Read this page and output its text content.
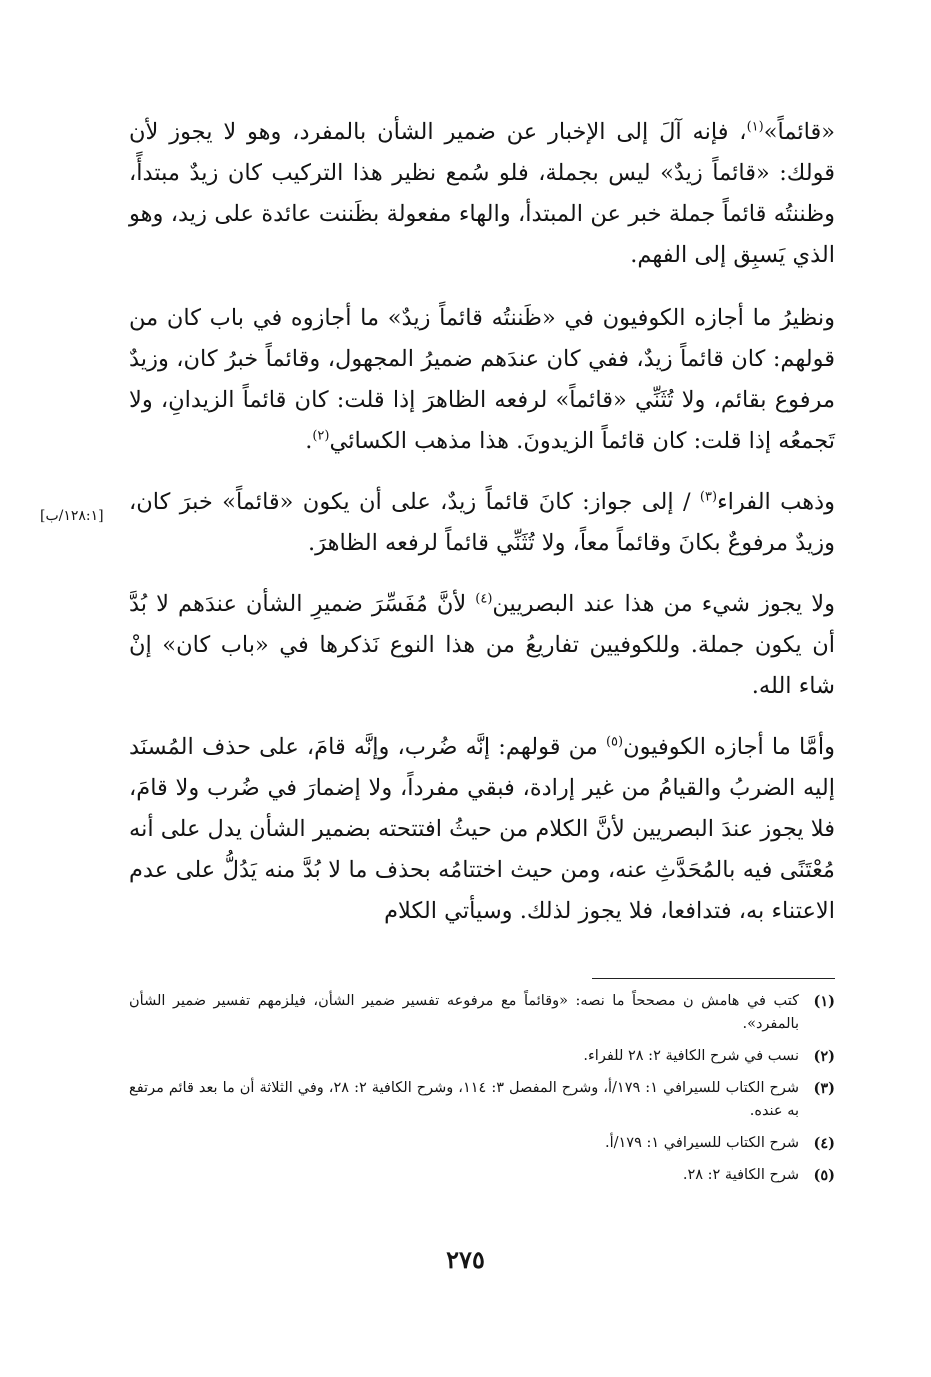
«قائماً»$^{(١)}$، فإنه آلَ إلى الإخبار عن ضمير الشأن بالمفرد، وهو لا يجوز لأن قولك: «قائماً زيدٌ» ليس بجملة، فلو سُمع نظير هذا التركيب كان زيدٌ مبتدأً، وظننتُه قائماً جملة خبر عن المبتدأ، والهاء مفعولة بظَننت عائدة على زيد، وهو الذي يَسبِق إلى الفهم.

ونظيرُ ما أجازه الكوفيون في «ظَننتُه قائماً زيدٌ» ما أجازوه في باب كان من قولهم: كان قائماً زيدٌ، ففي كان عندَهم ضميرُ المجهول، وقائماً خبرُ كان، وزيدٌ مرفوع بقائم، ولا تُثَنِّي «قائماً» لرفعه الظاهرَ إذا قلت: كان قائماً الزيدانِ، ولا تَجمعُه إذا قلت: كان قائماً الزيدونَ. هذا مذهب الكسائي$^{(٢)}$.

وذهب الفراء$^{(٣)}$ / إلى جواز: كانَ قائماً زيدٌ، على أن يكون «قائماً» خبرَ كان، وزيدٌ مرفوعٌ بكانَ وقائماً معاً، ولا تُثَنِّي قائماً لرفعه الظاهرَ.

ولا يجوز شيء من هذا عند البصريين$^{(٤)}$ لأنَّ مُفَسِّرَ ضميرِ الشأن عندَهم لا بُدَّ أن يكون جملة. وللكوفيين تفاريعُ من هذا النوع نَذكرها في «باب كان» إنْ شاء الله.

وأمَّا ما أجازه الكوفيون$^{(٥)}$ من قولهم: إنَّه ضُرب، وإنَّه قامَ، على حذف المُسنَد إليه الضربُ والقيامُ من غير إرادة، فبقي مفرداً، ولا إضمارَ في ضُرب ولا قامَ، فلا يجوز عندَ البصريين لأنَّ الكلام من حيثُ افتتحته بضمير الشأن يدل على أنه مُعْتَنًى فيه بالمُحَدَّثِ عنه، ومن حيث اختتامُه بحذف ما لا بُدَّ منه يَدُلُّ على عدم الاعتناء به، فتدافعا، فلا يجوز لذلك. وسيأتي الكلام

[١٢٨:١/ب]
(١)
كتب في هامش ن مصححاً ما نصه: «وقائماً مع مرفوعه تفسير ضمير الشأن، فيلزمهم تفسير ضمير الشأن بالمفرد».
(٢)
نسب في شرح الكافية ٢: ٢٨ للفراء.
(٣)
شرح الكتاب للسيرافي ١: ١٧٩/أ، وشرح المفصل ٣: ١١٤، وشرح الكافية ٢: ٢٨، وفي الثلاثة أن ما بعد قائم مرتفع به عنده.
(٤)
شرح الكتاب للسيرافي ١: ١٧٩/أ.
(٥)
شرح الكافية ٢: ٢٨.
٢٧٥
